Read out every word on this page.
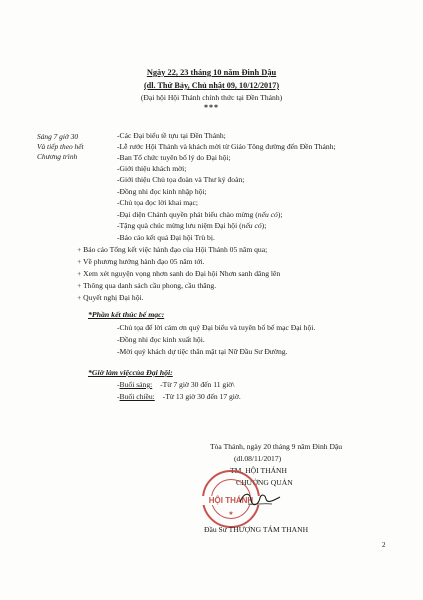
Ngày 22, 23 tháng 10 năm Đinh Dậu
(dl. Thứ Bảy, Chủ nhật 09, 10/12/2017)
(Đại hội Hội Thánh chính thức tại Đền Thánh)
***
Sáng 7 giờ 30
Và tiếp theo hết
Chương trình
-Các Đại biểu tề tựu tại Đền Thánh;
-Lễ rước Hội Thánh và khách mời từ Giáo Tông đường đến Đền Thánh;
-Ban Tổ chức tuyên bố lý do Đại hội;
-Giới thiệu khách mời;
-Giới thiệu Chủ tọa đoàn và Thư ký đoàn;
-Đồng nhi đọc kinh nhập hội;
-Chủ tọa đọc lời khai mạc;
-Đại diện Chánh quyền phát biểu chào mừng (nếu có);
-Tặng quà chúc mừng lưu niệm Đại hội (nếu có);
-Báo cáo kết quả Đại hội Trù bị.
+ Báo cáo Tổng kết việc hành đạo của Hội Thánh 05 năm qua;
+ Về phương hướng hành đạo 05 năm tới.
+ Xem xét nguyện vọng nhơn sanh do Đại hội Nhơn sanh dâng lên
+ Thông qua danh sách cầu phong, cầu thăng.
+ Quyết nghị Đại hội.
*Phần kết thúc bế mạc:
-Chủ tọa để lời cảm ơn quý Đại biểu và tuyên bố bế mạc Đại hội.
-Đồng nhi đọc kinh xuất hội.
-Mời quý khách dự tiệc thân mật tại Nữ Đầu Sư Đường.
*Giờ làm việccủa Đại hội:
-Buổi sáng: -Từ 7 giờ 30 đến 11 giờ\
-Buổi chiều: -Từ 13 giờ 30 đến 17 giờ.
Tòa Thánh, ngày 20 tháng 9 năm Đinh Dậu
(dl.08/11/2017)
TM. HỘI THÁNH
CHƯỞNG QUẢN
HỘI THÁNH
★
Đầu Sư THƯỢNG TÁM THANH
2
